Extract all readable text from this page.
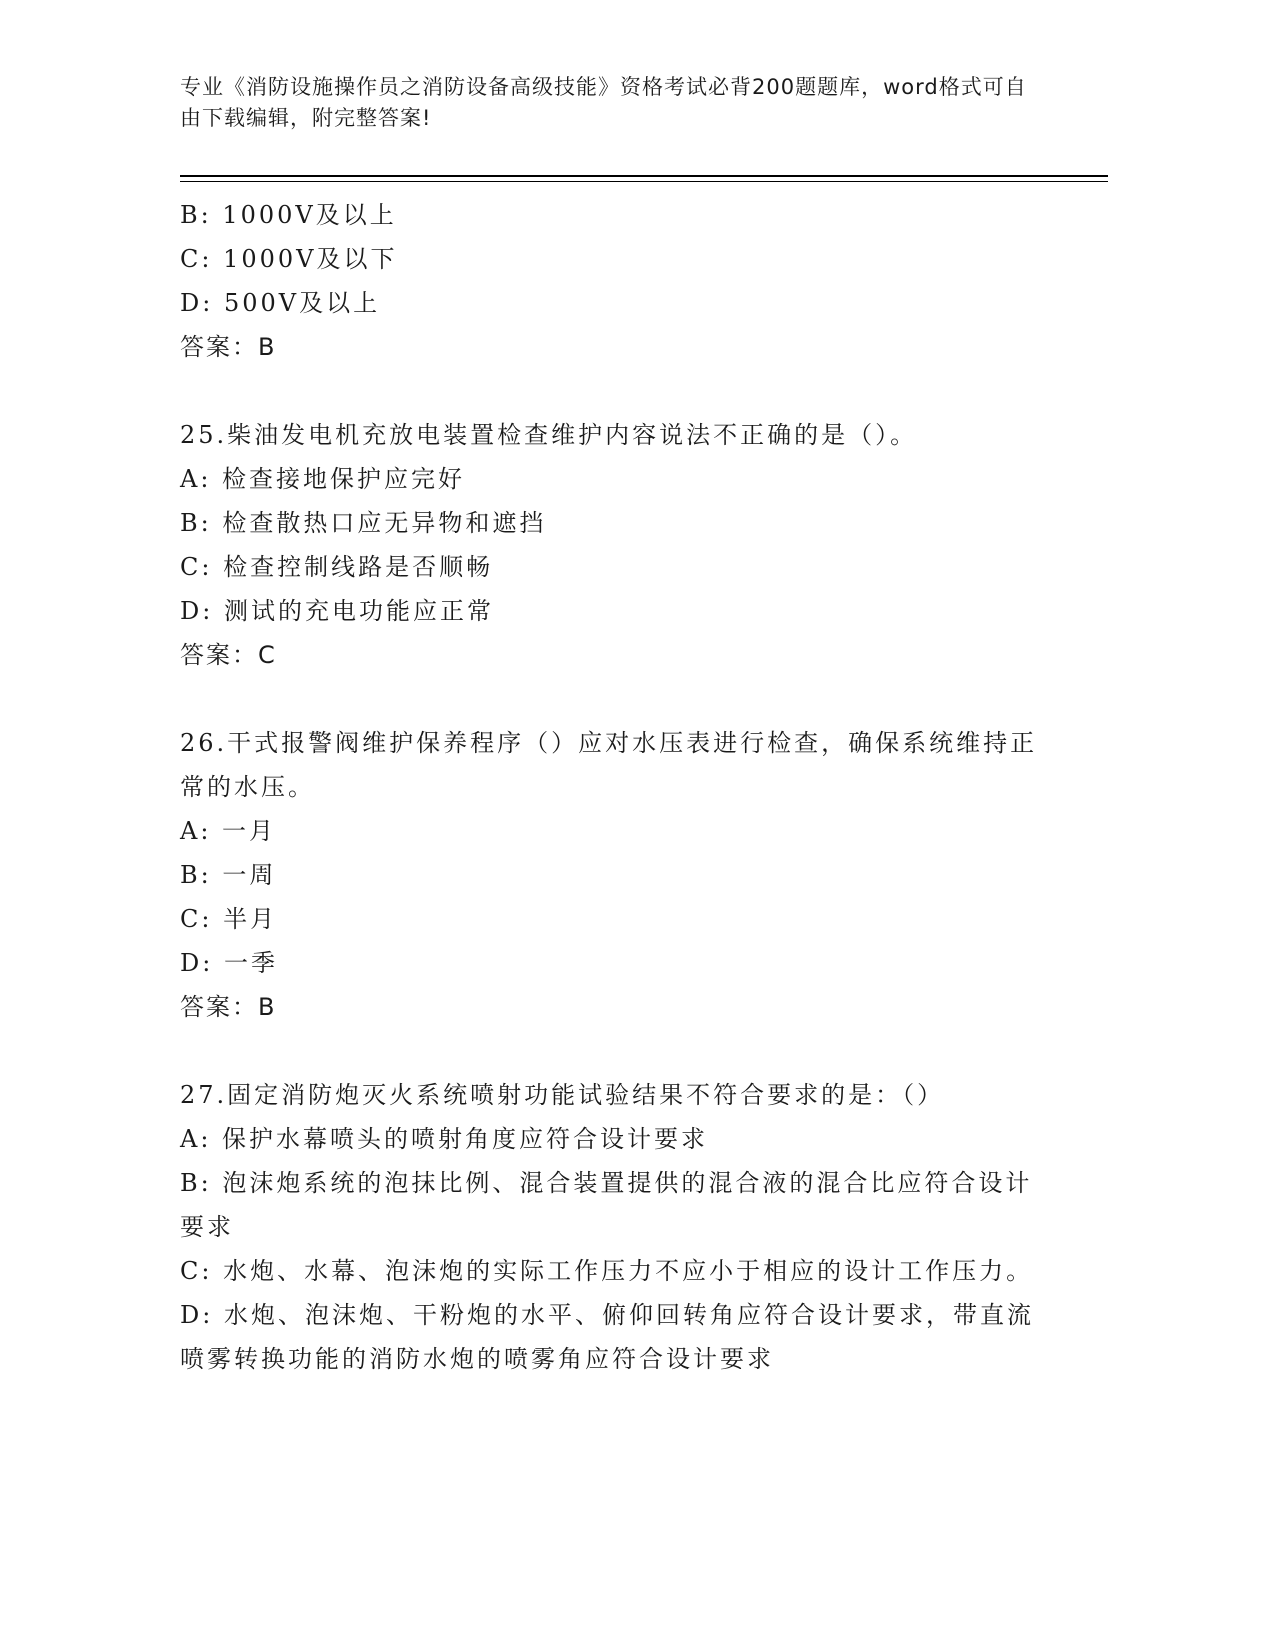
专业《消防设施操作员之消防设备高级技能》资格考试必背200题题库，word格式可自由下载编辑，附完整答案!
B: 1000V及以上
C: 1000V及以下
D: 500V及以上
答案：B
25.柴油发电机充放电装置检查维护内容说法不正确的是（）。
A: 检查接地保护应完好
B: 检查散热口应无异物和遮挡
C: 检查控制线路是否顺畅
D: 测试的充电功能应正常
答案：C
26.干式报警阀维护保养程序（）应对水压表进行检查，确保系统维持正常的水压。
A: 一月
B: 一周
C: 半月
D: 一季
答案：B
27.固定消防炮灭火系统喷射功能试验结果不符合要求的是：（）
A: 保护水幕喷头的喷射角度应符合设计要求
B: 泡沫炮系统的泡抹比例、混合装置提供的混合液的混合比应符合设计要求
C: 水炮、水幕、泡沫炮的实际工作压力不应小于相应的设计工作压力。
D: 水炮、泡沫炮、干粉炮的水平、俯仰回转角应符合设计要求，带直流喷雾转换功能的消防水炮的喷雾角应符合设计要求
